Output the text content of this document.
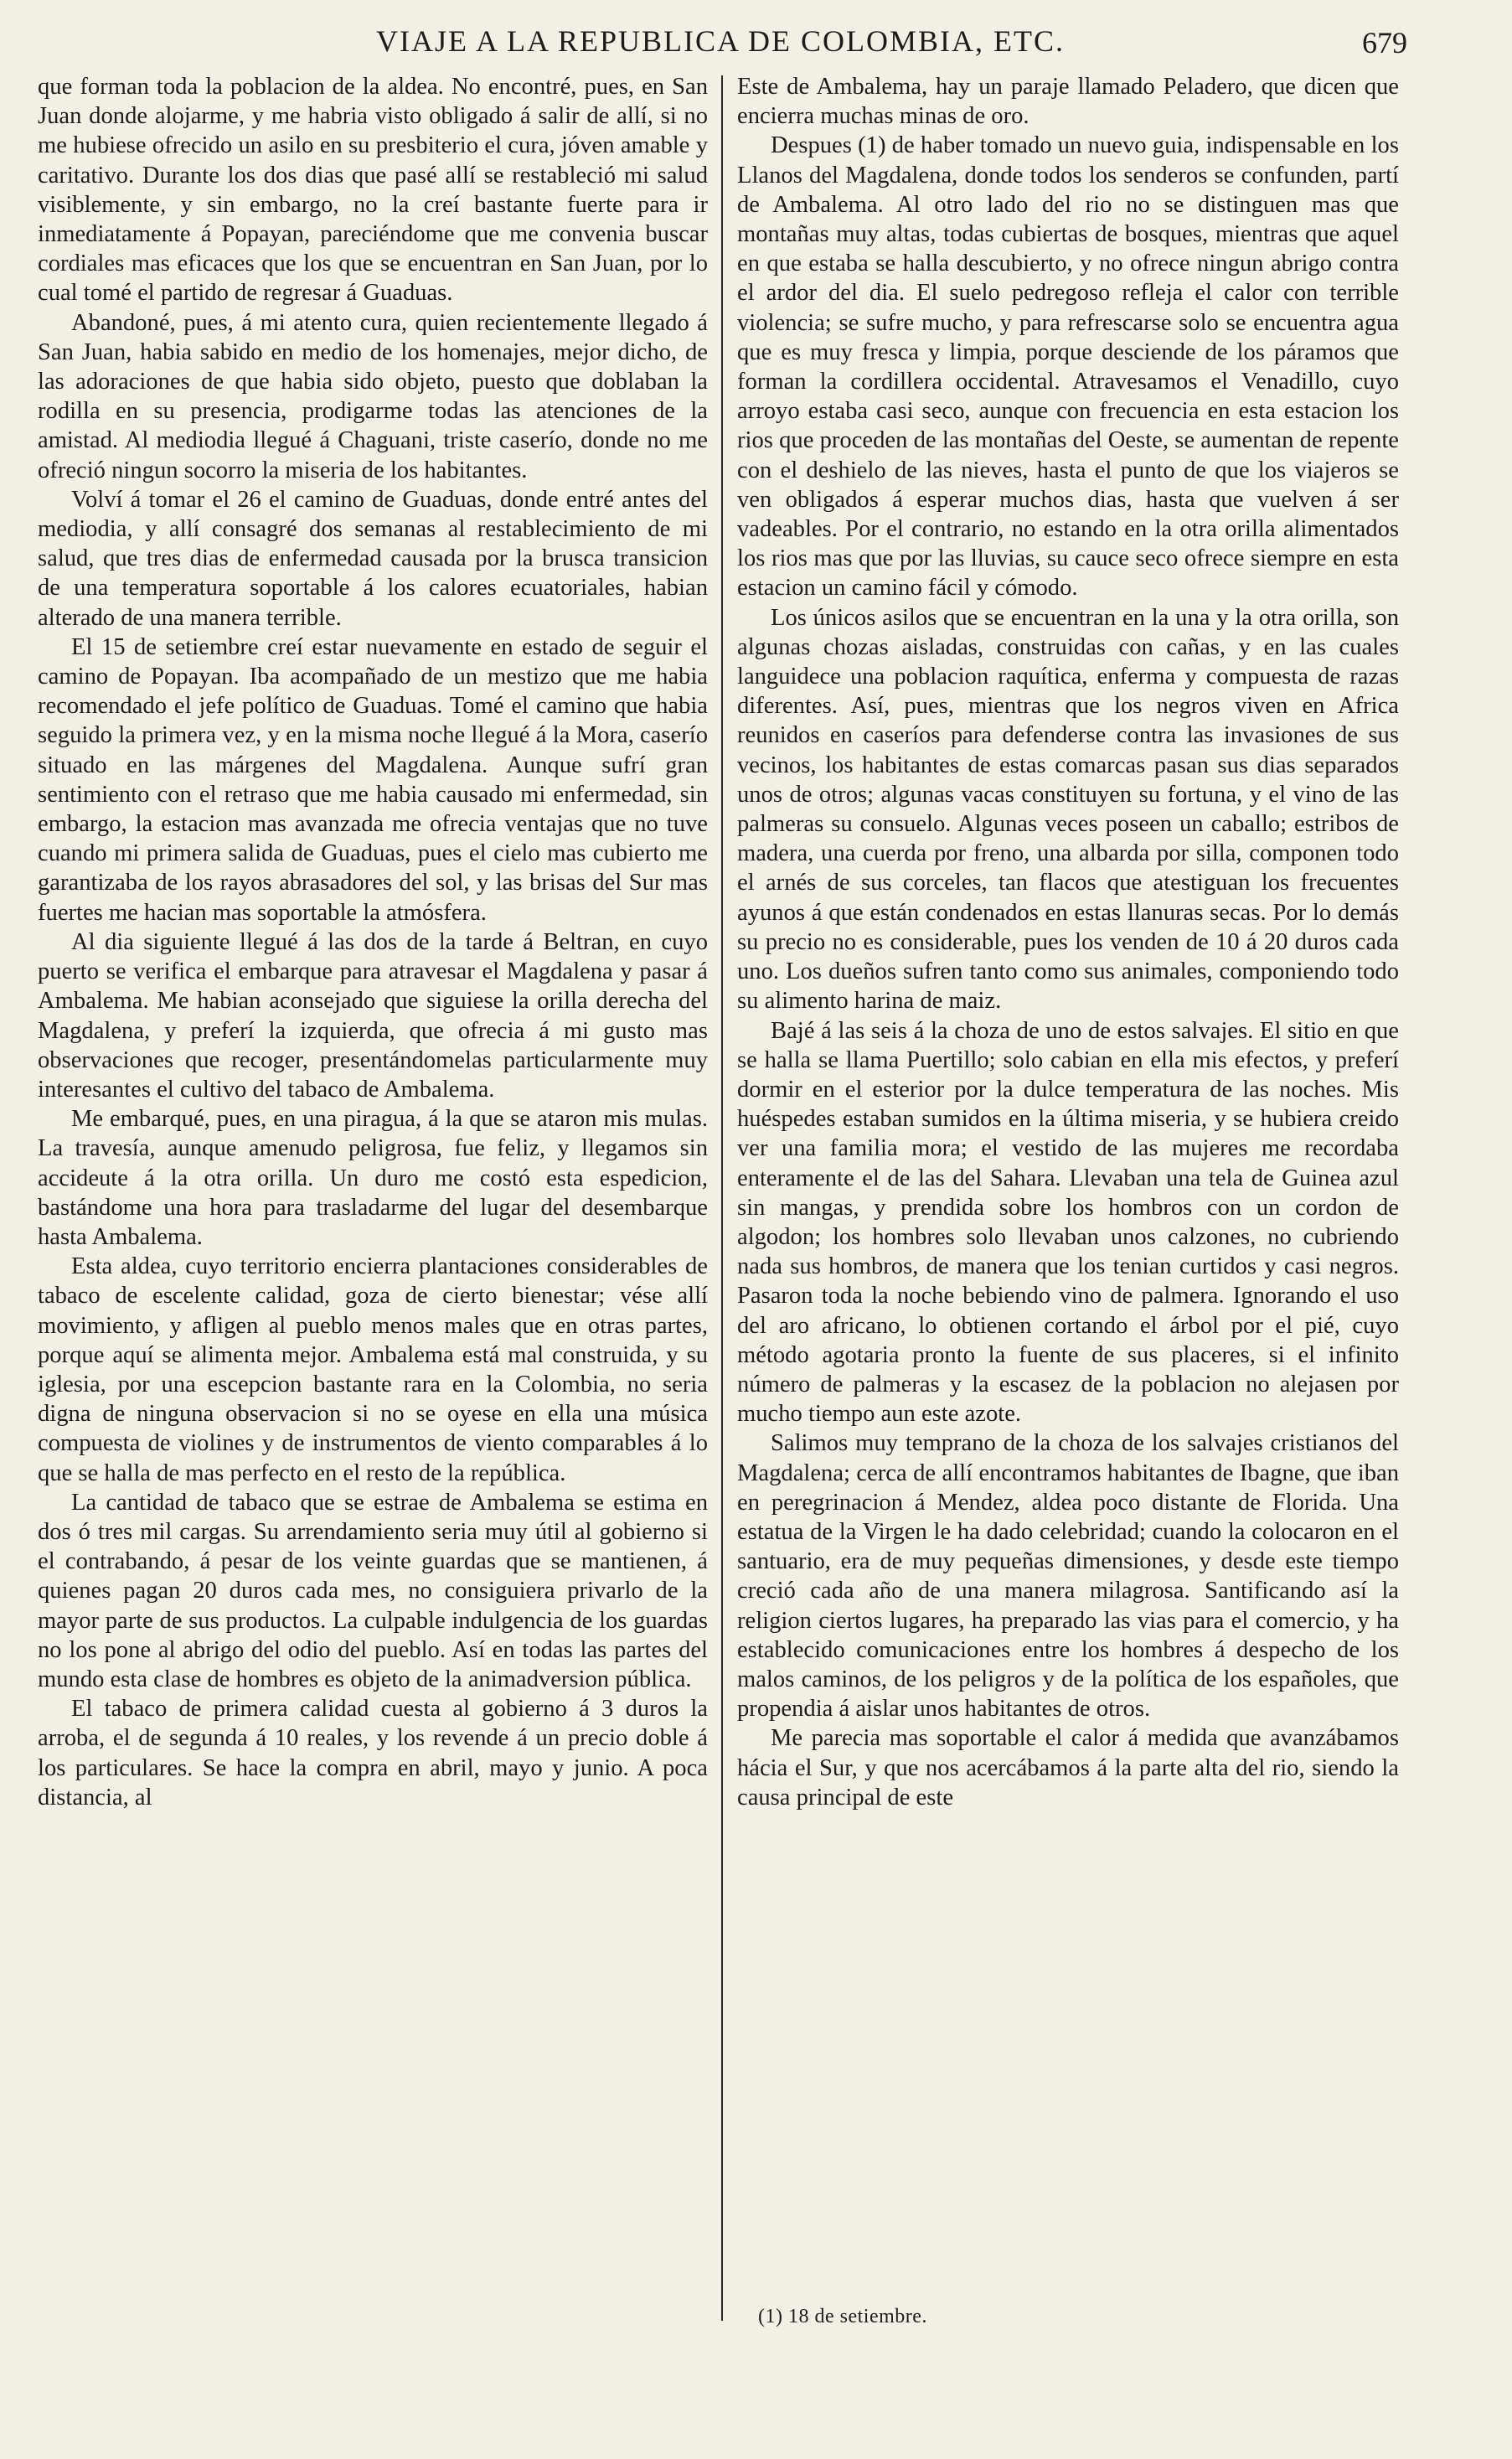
VIAJE A LA REPUBLICA DE COLOMBIA, ETC.	679

que forman toda la poblacion de la aldea. No encontré, pues, en San Juan donde alojarme, y me habria visto obligado á salir de allí, si no me hubiese ofrecido un asilo en su presbiterio el cura, jóven amable y caritativo. Durante los dos dias que pasé allí se restableció mi salud visiblemente, y sin embargo, no la creí bastante fuerte para ir inmediatamente á Popayan, pareciéndome que me convenia buscar cordiales mas eficaces que los que se encuentran en San Juan, por lo cual tomé el partido de regresar á Guaduas.

Abandoné, pues, á mi atento cura, quien recientemente llegado á San Juan, habia sabido en medio de los homenajes, mejor dicho, de las adoraciones de que habia sido objeto, puesto que doblaban la rodilla en su presencia, prodigarme todas las atenciones de la amistad. Al mediodia llegué á Chaguani, triste caserío, donde no me ofreció ningun socorro la miseria de los habitantes.

Volví á tomar el 26 el camino de Guaduas, donde entré antes del mediodia, y allí consagré dos semanas al restablecimiento de mi salud, que tres dias de enfermedad causada por la brusca transicion de una temperatura soportable á los calores ecuatoriales, habian alterado de una manera terrible.

El 15 de setiembre creí estar nuevamente en estado de seguir el camino de Popayan. Iba acompañado de un mestizo que me habia recomendado el jefe político de Guaduas. Tomé el camino que habia seguido la primera vez, y en la misma noche llegué á la Mora, caserío situado en las márgenes del Magdalena. Aunque sufrí gran sentimiento con el retraso que me habia causado mi enfermedad, sin embargo, la estacion mas avanzada me ofrecia ventajas que no tuve cuando mi primera salida de Guaduas, pues el cielo mas cubierto me garantizaba de los rayos abrasadores del sol, y las brisas del Sur mas fuertes me hacian mas soportable la atmósfera.

Al dia siguiente llegué á las dos de la tarde á Beltran, en cuyo puerto se verifica el embarque para atravesar el Magdalena y pasar á Ambalema. Me habian aconsejado que siguiese la orilla derecha del Magdalena, y preferí la izquierda, que ofrecia á mi gusto mas observaciones que recoger, presentándomelas particularmente muy interesantes el cultivo del tabaco de Ambalema.

Me embarqué, pues, en una piragua, á la que se ataron mis mulas. La travesía, aunque amenudo peligrosa, fue feliz, y llegamos sin accideute á la otra orilla. Un duro me costó esta espedicion, bastándome una hora para trasladarme del lugar del desembarque hasta Ambalema.

Esta aldea, cuyo territorio encierra plantaciones considerables de tabaco de escelente calidad, goza de cierto bienestar; vése allí movimiento, y afligen al pueblo menos males que en otras partes, porque aquí se alimenta mejor. Ambalema está mal construida, y su iglesia, por una escepcion bastante rara en la Colombia, no seria digna de ninguna observacion si no se oyese en ella una música compuesta de violines y de instrumentos de viento comparables á lo que se halla de mas perfecto en el resto de la república.

La cantidad de tabaco que se estrae de Ambalema se estima en dos ó tres mil cargas. Su arrendamiento seria muy útil al gobierno si el contrabando, á pesar de los veinte guardas que se mantienen, á quienes pagan 20 duros cada mes, no consiguiera privarlo de la mayor parte de sus productos. La culpable indulgencia de los guardas no los pone al abrigo del odio del pueblo. Así en todas las partes del mundo esta clase de hombres es objeto de la animadversion pública.

El tabaco de primera calidad cuesta al gobierno á 3 duros la arroba, el de segunda á 10 reales, y los revende á un precio doble á los particulares. Se hace la compra en abril, mayo y junio. A poca distancia, al

Este de Ambalema, hay un paraje llamado Peladero, que dicen que encierra muchas minas de oro.

Despues (1) de haber tomado un nuevo guia, indispensable en los Llanos del Magdalena, donde todos los senderos se confunden, partí de Ambalema. Al otro lado del rio no se distinguen mas que montañas muy altas, todas cubiertas de bosques, mientras que aquel en que estaba se halla descubierto, y no ofrece ningun abrigo contra el ardor del dia. El suelo pedregoso refleja el calor con terrible violencia; se sufre mucho, y para refrescarse solo se encuentra agua que es muy fresca y limpia, porque desciende de los páramos que forman la cordillera occidental. Atravesamos el Venadillo, cuyo arroyo estaba casi seco, aunque con frecuencia en esta estacion los rios que proceden de las montañas del Oeste, se aumentan de repente con el deshielo de las nieves, hasta el punto de que los viajeros se ven obligados á esperar muchos dias, hasta que vuelven á ser vadeables. Por el contrario, no estando en la otra orilla alimentados los rios mas que por las lluvias, su cauce seco ofrece siempre en esta estacion un camino fácil y cómodo.

Los únicos asilos que se encuentran en la una y la otra orilla, son algunas chozas aisladas, construidas con cañas, y en las cuales languidece una poblacion raquítica, enferma y compuesta de razas diferentes. Así, pues, mientras que los negros viven en Africa reunidos en caseríos para defenderse contra las invasiones de sus vecinos, los habitantes de estas comarcas pasan sus dias separados unos de otros; algunas vacas constituyen su fortuna, y el vino de las palmeras su consuelo. Algunas veces poseen un caballo; estribos de madera, una cuerda por freno, una albarda por silla, componen todo el arnés de sus corceles, tan flacos que atestiguan los frecuentes ayunos á que están condenados en estas llanuras secas. Por lo demás su precio no es considerable, pues los venden de 10 á 20 duros cada uno. Los dueños sufren tanto como sus animales, componiendo todo su alimento harina de maiz.

Bajé á las seis á la choza de uno de estos salvajes. El sitio en que se halla se llama Puertillo; solo cabian en ella mis efectos, y preferí dormir en el esterior por la dulce temperatura de las noches. Mis huéspedes estaban sumidos en la última miseria, y se hubiera creido ver una familia mora; el vestido de las mujeres me recordaba enteramente el de las del Sahara. Llevaban una tela de Guinea azul sin mangas, y prendida sobre los hombros con un cordon de algodon; los hombres solo llevaban unos calzones, no cubriendo nada sus hombros, de manera que los tenian curtidos y casi negros. Pasaron toda la noche bebiendo vino de palmera. Ignorando el uso del aro africano, lo obtienen cortando el árbol por el pié, cuyo método agotaria pronto la fuente de sus placeres, si el infinito número de palmeras y la escasez de la poblacion no alejasen por mucho tiempo aun este azote.

Salimos muy temprano de la choza de los salvajes cristianos del Magdalena; cerca de allí encontramos habitantes de Ibagne, que iban en peregrinacion á Mendez, aldea poco distante de Florida. Una estatua de la Virgen le ha dado celebridad; cuando la colocaron en el santuario, era de muy pequeñas dimensiones, y desde este tiempo creció cada año de una manera milagrosa. Santificando así la religion ciertos lugares, ha preparado las vias para el comercio, y ha establecido comunicaciones entre los hombres á despecho de los malos caminos, de los peligros y de la política de los españoles, que propendia á aislar unos habitantes de otros.

Me parecia mas soportable el calor á medida que avanzábamos hácia el Sur, y que nos acercábamos á la parte alta del rio, siendo la causa principal de este

(1) 18 de setiembre.
